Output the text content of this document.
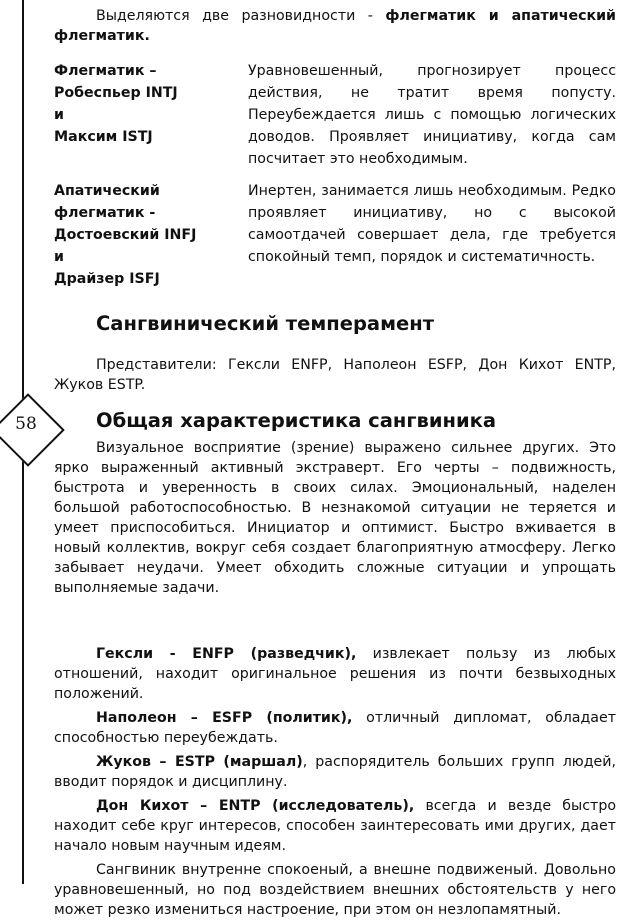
58

Выделяются две разновидности - флегматик и апатический флегматик.

Флегматик –
Робеспьер INTJ
и
Максим ISTJ
Уравновешенный, прогнозирует процесс действия, не тратит время попусту. Переубеждается лишь с помощью логических доводов. Проявляет инициативу, когда сам посчитает это необходимым.
Апатический
флегматик -
Достоевский INFJ
и
Драйзер ISFJ
Инертен, занимается лишь необходимым. Редко проявляет инициативу, но с высокой самоотдачей совершает дела, где требуется спокойный темп, порядок и систематичность.
Сангвинический темперамент

Представители: Гексли ENFP, Наполеон ESFP, Дон Кихот ENTP, Жуков ESTP.

Общая характеристика сангвиника

Визуальное восприятие (зрение) выражено сильнее других. Это ярко выраженный активный экстраверт. Его черты – подвижность, быстрота и уверенность в своих силах. Эмоциональный, наделен большой работоспособностью. В незнакомой ситуации не теряется и умеет приспособиться. Инициатор и оптимист. Быстро вживается в новый коллектив, вокруг себя создает благоприятную атмосферу. Легко забывает неудачи. Умеет обходить сложные ситуации и упрощать выполняемые задачи.

Гексли - ENFP (разведчик), извлекает пользу из любых отношений, находит оригинальное решения из почти безвыходных положений.

Наполеон – ESFP (политик), отличный дипломат, обладает способностью переубеждать.

Жуков – ESTP (маршал), распорядитель больших групп людей, вводит порядок и дисциплину.

Дон Кихот – ENTP (исследователь), всегда и везде быстро находит себе круг интересов, способен заинтересовать ими других, дает начало новым научным идеям.

Сангвиник внутренне спокоеный, а внешне подвиженый. Довольно уравновешенный, но под воздействием внешних обстоятельств у него может резко измениться настроение, при этом он незлопамятный.
